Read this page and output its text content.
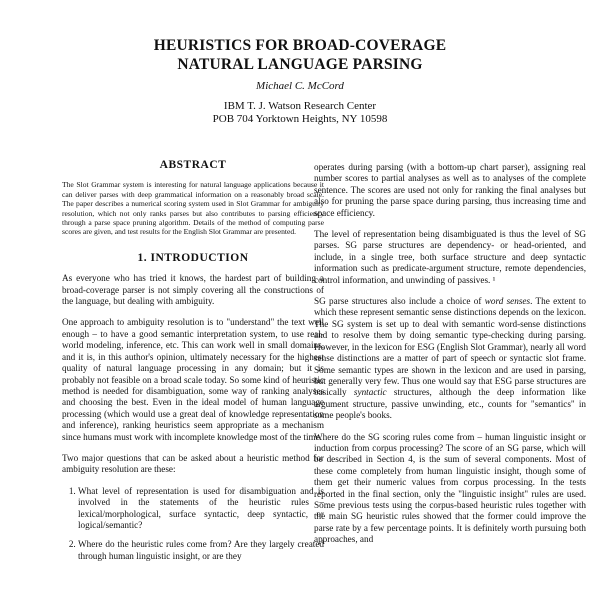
HEURISTICS FOR BROAD-COVERAGE
NATURAL LANGUAGE PARSING
Michael C. McCord
IBM T. J. Watson Research Center
POB 704 Yorktown Heights, NY 10598
ABSTRACT
The Slot Grammar system is interesting for natural language applications because it can deliver parses with deep grammatical information on a reasonably broad scale. The paper describes a numerical scoring system used in Slot Grammar for ambiguity resolution, which not only ranks parses but also contributes to parsing efficiency through a parse space pruning algorithm. Details of the method of computing parse scores are given, and test results for the English Slot Grammar are presented.
1. INTRODUCTION

As everyone who has tried it knows, the hardest part of building a broad-coverage parser is not simply covering all the constructions of the language, but dealing with ambiguity.

One approach to ambiguity resolution is to "understand" the text well enough – to have a good semantic interpretation system, to use real-world modeling, inference, etc. This can work well in small domains, and it is, in this author's opinion, ultimately necessary for the highest quality of natural language processing in any domain; but it is probably not feasible on a broad scale today. So some kind of heuristic method is needed for disambiguation, some way of ranking analyses and choosing the best. Even in the ideal model of human language processing (which would use a great deal of knowledge representation and inference), ranking heuristics seem appropriate as a mechanism since humans must work with incomplete knowledge most of the time.

Two major questions that can be asked about a heuristic method for ambiguity resolution are these:

1. What level of representation is used for disambiguation and is involved in the statements of the heuristic rules – lexical/morphological, surface syntactic, deep syntactic, or logical/semantic?
2. Where do the heuristic rules come from? Are they largely created through human linguistic insight, or are they

operates during parsing (with a bottom-up chart parser), assigning real number scores to partial analyses as well as to analyses of the complete sentence. The scores are used not only for ranking the final analyses but also for pruning the parse space during parsing, thus increasing time and space efficiency.

The level of representation being disambiguated is thus the level of SG parses. SG parse structures are dependency- or head-oriented, and include, in a single tree, both surface structure and deep syntactic information such as predicate-argument structure, remote dependencies, control information, and unwinding of passives. ¹

SG parse structures also include a choice of word senses. The extent to which these represent semantic sense distinctions depends on the lexicon. The SG system is set up to deal with semantic word-sense distinctions and to resolve them by doing semantic type-checking during parsing. However, in the lexicon for ESG (English Slot Grammar), nearly all word sense distinctions are a matter of part of speech or syntactic slot frame. Some semantic types are shown in the lexicon and are used in parsing, but generally very few. Thus one would say that ESG parse structures are basically syntactic structures, although the deep information like argument structure, passive unwinding, etc., counts for "semantics" in some people's books.

Where do the SG scoring rules come from – human linguistic insight or induction from corpus processing? The score of an SG parse, which will be described in Section 4, is the sum of several components. Most of these come completely from human linguistic insight, though some of them get their numeric values from corpus processing. In the tests reported in the final section, only the "linguistic insight" rules are used. Some previous tests using the corpus-based heuristic rules together with the main SG heuristic rules showed that the former could improve the parse rate by a few percentage points. It is definitely worth pursuing both approaches, and
